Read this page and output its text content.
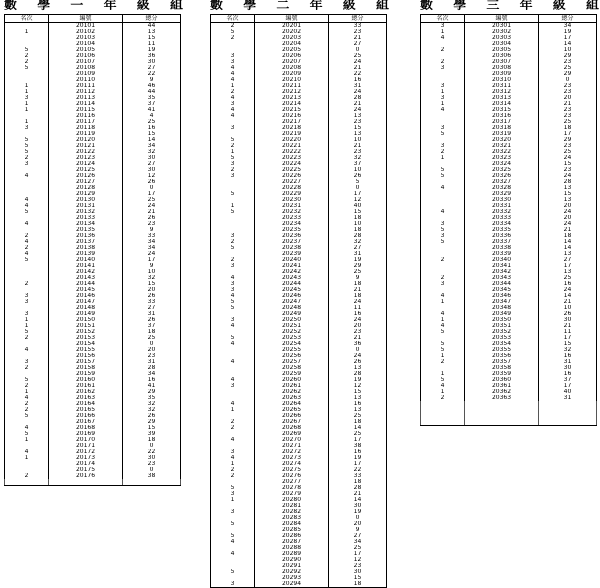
數 學 一 年 級 組
名次	編號	總分
	20101	44
1	20102	13
	20103	15
	20104	11
5	20105	19
2	20106	36
2	20107	30
5	20108	27
	20109	22
	20110	9
1	20111	46
1	20112	44
3	20113	35
1	20114	37
1	20115	41
	20116	4
1	20117	25
3	20118	16
	20119	15
5	20120	14
5	20121	34
5	20122	32
2	20123	30
3	20124	27
	20125	30
4	20126	12
	20127	26
	20128	0
	20129	17
4	20130	25
4	20131	24
5	20132	21
	20133	26
4	20134	23
	20135	9
2	20136	33
4	20137	34
2	20138	34
4	20139	24
5	20140	17
	20141	9
	20142	10
	20143	32
2	20144	15
	20145	20
3	20146	26
3	20147	33
	20148	27
3	20149	31
1	20150	26
1	20151	37
5	20152	18
2	20153	25
	20154	0
4	20155	20
	20156	23
3	20157	31
2	20158	28
	20159	34
5	20160	16
2	20161	41
1	20162	29
4	20163	35
2	20164	32
2	20165	32
5	20166	26
	20167	29
4	20168	15
5	20169	39
1	20170	18
	20171	0
4	20172	22
1	20173	30
	20174	23
	20175	0
2	20176	38

數 學 二 年 級 組
名次	編號	總分
2	20201	33
5	20202	23
2	20203	21
	20204	27
	20205	0
3	20206	25
3	20207	24
4	20208	21
4	20209	22
4	20210	16
1	20211	31
2	20212	24
4	20213	28
3	20214	21
4	20215	24
4	20216	13
	20217	23
3	20218	15
	20219	13
5	20220	10
2	20221	21
1	20222	23
5	20223	32
3	20224	37
2	20225	10
3	20226	26
	20227	5
	20228	0
5	20229	17
	20230	12
1	20231	40
5	20232	15
	20233	18
	20234	10
	20235	18
3	20236	28
2	20237	32
5	20238	27
	20239	31
2	20240	19
3	20241	29
	20242	25
4	20243	9
3	20244	18
3	20245	21
4	20246	18
5	20247	24
5	20248	11
	20249	16
3	20250	24
4	20251	20
	20252	23
5	20253	21
4	20254	36
	20255	0
	20256	24
4	20257	26
	20258	13
	20259	28
4	20260	19
3	20261	12
	20262	15
	20263	13
4	20264	16
1	20265	13
	20266	25
2	20267	18
2	20268	14
	20269	25
4	20270	17
	20271	38
3	20272	16
4	20273	19
1	20274	17
2	20275	22
2	20276	33
	20277	18
5	20278	28
3	20279	21
1	20280	14
	20281	30
3	20282	19
	20283	0
5	20284	20
	20285	9
5	20286	27
4	20287	34
	20288	25
4	20289	17
	20290	12
	20291	23
5	20292	30
	20293	15
3	20294	18
數 學 三 年 級 組
名次	編號	總分
3	20301	34
1	20302	19
4	20303	17
	20304	14
2	20305	10
	20306	29
2	20307	23
3	20308	25
	20309	29
	20310	0
3	20311	23
1	20312	23
3	20313	20
1	20314	21
4	20315	23
	20316	23
	20317	25
3	20318	18
5	20319	17
	20320	29
3	20321	23
2	20322	25
1	20323	24
	20324	15
5	20325	23
5	20326	24
	20327	28
4	20328	13
	20329	15
	20330	13
	20331	20
4	20332	24
	20333	20
3	20334	24
5	20335	21
3	20336	18
5	20337	14
	20338	14
	20339	13
2	20340	27
	20341	17
	20342	13
2	20343	25
3	20344	16
	20345	24
4	20346	14
1	20347	21
	20348	10
4	20349	26
1	20350	30
4	20351	21
5	20352	11
	20353	17
5	20354	15
5	20355	32
1	20356	16
2	20357	31
	20358	30
1	20359	16
5	20360	37
4	20361	17
1	20362	40
2	20363	31
